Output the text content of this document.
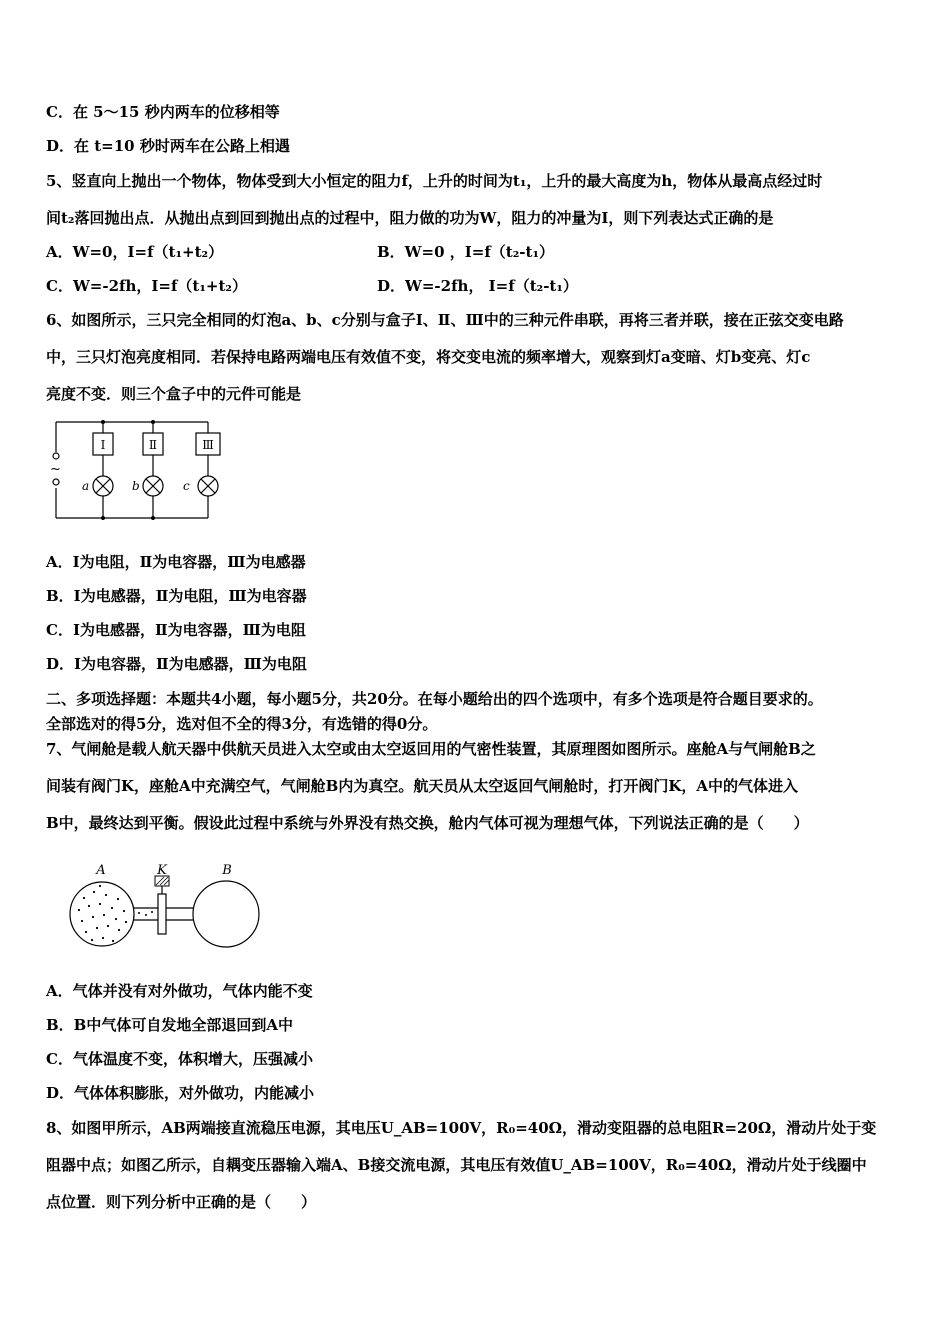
C．在 5～15 秒内两车的位移相等
D．在 t=10 秒时两车在公路上相遇
5、竖直向上抛出一个物体，物体受到大小恒定的阻力f，上升的时间为t₁，上升的最大高度为h，物体从最高点经过时
间t₂落回抛出点．从抛出点到回到抛出点的过程中，阻力做的功为W，阻力的冲量为I，则下列表达式正确的是
A．W=0，I=f（t₁+t₂）	B．W=0 ，I=f（t₂-t₁）
C．W=-2fh，I=f（t₁+t₂）	D．W=-2fh， I=f（t₂-t₁）
6、如图所示，三只完全相同的灯泡a、b、c分别与盒子Ⅰ、Ⅱ、Ⅲ中的三种元件串联，再将三者并联，接在正弦交变电路
中，三只灯泡亮度相同．若保持电路两端电压有效值不变，将交变电流的频率增大，观察到灯a变暗、灯b变亮、灯c
亮度不变．则三个盒子中的元件可能是
~
Ⅰ	Ⅱ	Ⅲ
a	b	c
A．Ⅰ为电阻，Ⅱ为电容器，Ⅲ为电感器
B．Ⅰ为电感器，Ⅱ为电阻，Ⅲ为电容器
C．Ⅰ为电感器，Ⅱ为电容器，Ⅲ为电阻
D．Ⅰ为电容器，Ⅱ为电感器，Ⅲ为电阻
二、多项选择题：本题共4小题，每小题5分，共20分。在每小题给出的四个选项中，有多个选项是符合题目要求的。
全部选对的得5分，选对但不全的得3分，有选错的得0分。
7、气闸舱是载人航天器中供航天员进入太空或由太空返回用的气密性装置，其原理图如图所示。座舱A与气闸舱B之
间装有阀门K，座舱A中充满空气，气闸舱B内为真空。航天员从太空返回气闸舱时，打开阀门K，A中的气体进入
B中，最终达到平衡。假设此过程中系统与外界没有热交换，舱内气体可视为理想气体，下列说法正确的是（　　）
A	K	B
A．气体并没有对外做功，气体内能不变
B．B中气体可自发地全部退回到A中
C．气体温度不变，体积增大，压强减小
D．气体体积膨胀，对外做功，内能减小
8、如图甲所示，AB两端接直流稳压电源，其电压U_AB=100V，R₀=40Ω，滑动变阻器的总电阻R=20Ω，滑动片处于变
阻器中点；如图乙所示，自耦变压器输入端A、B接交流电源，其电压有效值U_AB=100V，R₀=40Ω，滑动片处于线圈中
点位置．则下列分析中正确的是（　　）
